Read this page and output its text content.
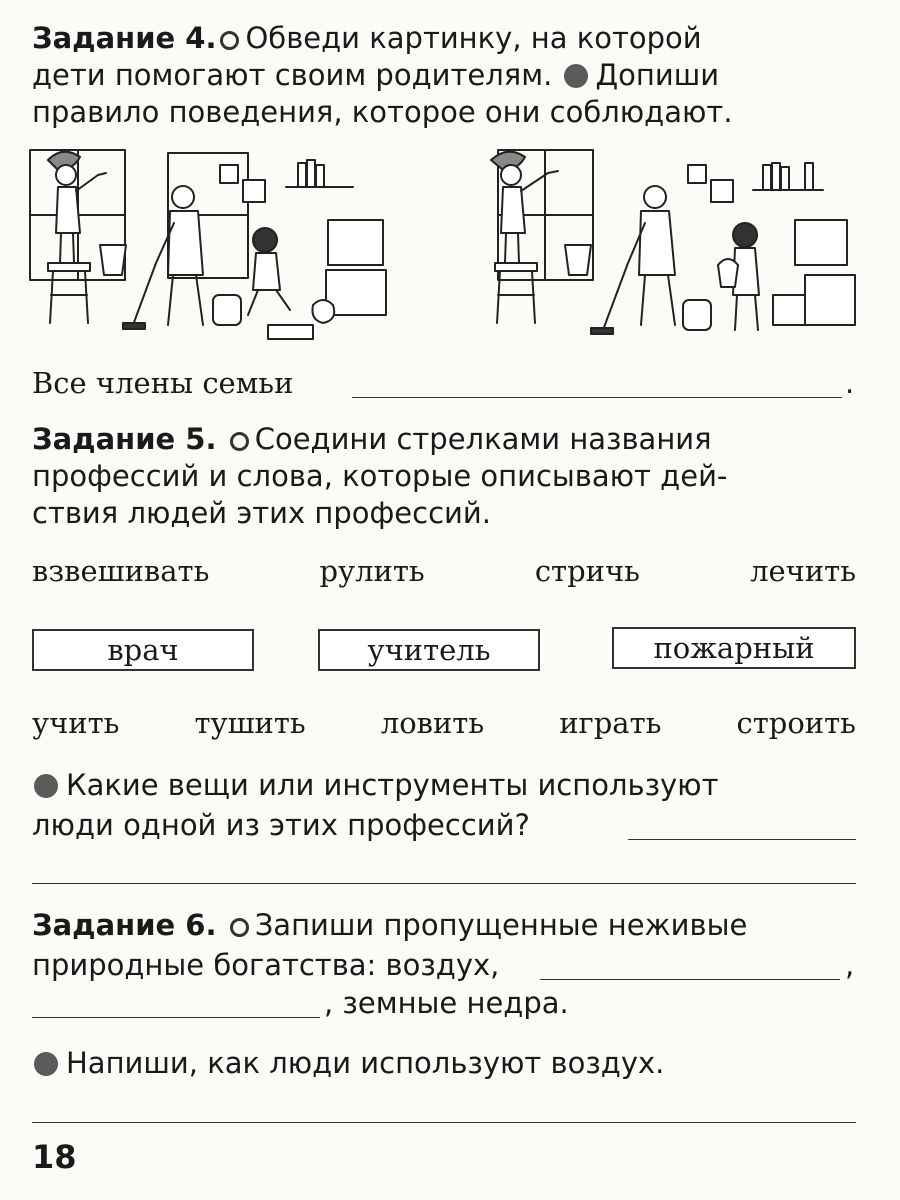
Задание 4. Обведи картинку, на которой
дети помогают своим родителям. Допиши
правило поведения, которое они соблюдают.
Все члены семьи	.
Задание 5. Соедини стрелками названия
профессий и слова, которые описывают дей-
ствия людей этих профессий.
взвешивать	рулить	стричь	лечить
врач	учитель	пожарный
учить	тушить	ловить	играть	строить
Какие вещи или инструменты используют
люди одной из этих профессий?
Задание 6. Запиши пропущенные неживые
природные богатства: воздух,	,
, земные недра.
Напиши, как люди используют воздух.
18
